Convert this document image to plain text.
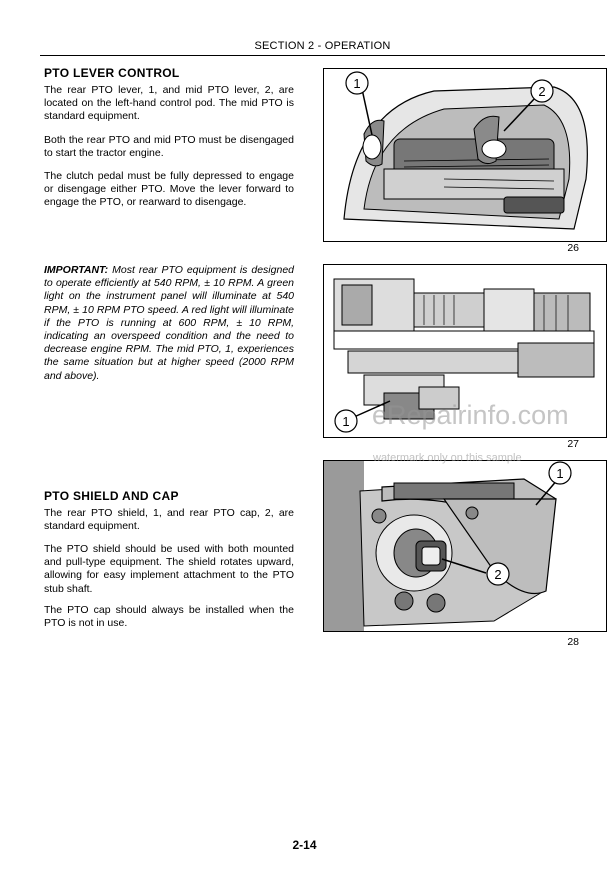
SECTION 2 - OPERATION
PTO LEVER CONTROL

The rear PTO lever, 1, and mid PTO lever, 2, are located on the left-hand control pod. The mid PTO is standard equipment.

Both the rear PTO and mid PTO must be disengaged to start the tractor engine.

The clutch pedal must be fully depressed to engage or disengage either PTO. Move the lever forward to engage the PTO, or rearward to disengage.

IMPORTANT: Most rear PTO equipment is designed to operate efficiently at 540 RPM, ± 10 RPM. A green light on the instrument panel will illuminate at 540 RPM, ± 10 RPM PTO speed. A red light will illuminate if the PTO is running at 600 RPM, ± 10 RPM, indicating an overspeed condition and the need to decrease engine RPM. The mid PTO, 1, experiences the same situation but at higher speed (2000 RPM and above).

PTO SHIELD AND CAP

The rear PTO shield, 1, and rear PTO cap, 2, are standard equipment.

The PTO shield should be used with both mounted and pull-type equipment. The shield rotates upward, allowing for easy implement attachment to the PTO stub shaft.

The PTO cap should always be installed when the PTO is not in use.

1
2
26
1
27
1
2
28
eRepairinfo.com
watermark only on this sample
2-14
